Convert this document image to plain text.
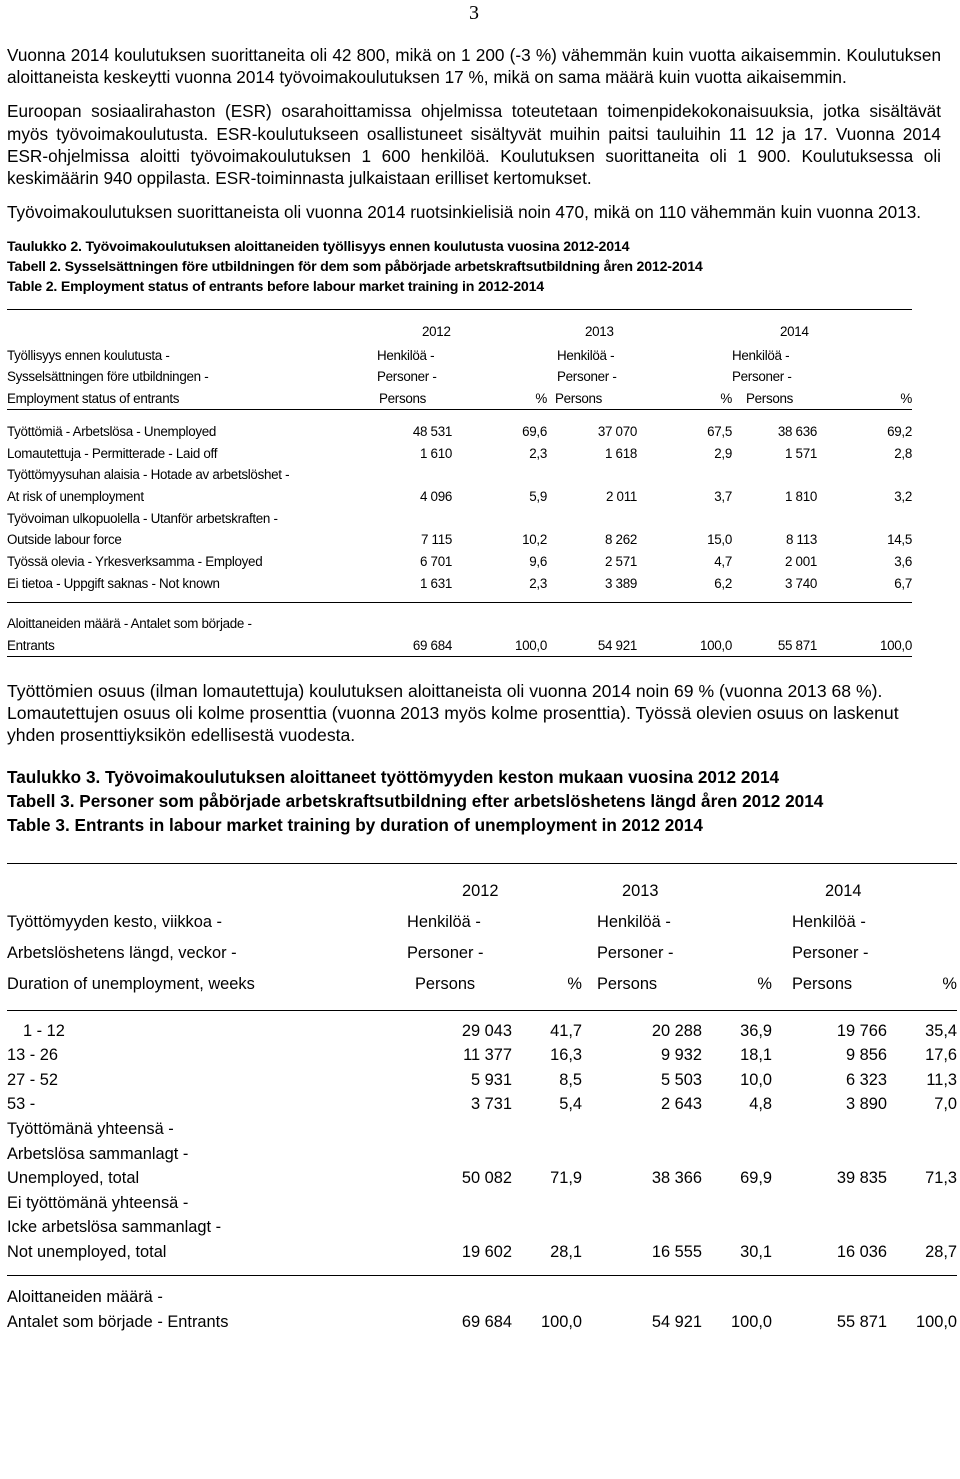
3

Vuonna 2014 koulutuksen suorittaneita oli 42 800, mikä on 1 200 (-3 %) vähemmän kuin vuotta aikaisemmin. Koulutuksen aloittaneista keskeytti vuonna 2014 työvoimakoulutuksen 17 %, mikä on sama määrä kuin vuotta aikaisemmin.

Euroopan sosiaalirahaston (ESR) osarahoittamissa ohjelmissa toteutetaan toimenpidekokonaisuuksia, jotka sisältävät myös työvoimakoulutusta. ESR-koulutukseen osallistuneet sisältyvät muihin paitsi tauluihin 11 12 ja 17. Vuonna 2014 ESR-ohjelmissa aloitti työvoimakoulutuksen 1 600 henkilöä. Koulutuksen suorittaneita oli 1 900. Koulutuksessa oli keskimäärin 940 oppilasta. ESR-toiminnasta julkaistaan erilliset kertomukset.

Työvoimakoulutuksen suorittaneista oli vuonna 2014 ruotsinkielisiä noin 470, mikä on 110 vähemmän kuin vuonna 2013.

Taulukko 2. Työvoimakoulutuksen aloittaneiden työllisyys ennen koulutusta vuosina 2012-2014

Tabell 2. Sysselsättningen före utbildningen för dem som påbörjade arbetskraftsutbildning åren 2012-2014

Table 2. Employment status of entrants before labour market training in 2012-2014

	2012		2013		2014	
Työllisyys ennen koulutusta -	Henkilöä -		Henkilöä -		Henkilöä -	
Sysselsättningen före utbildningen -	Personer -		Personer -		Personer -	
Employment status of entrants	Persons	%	Persons	%	Persons	%

Työttömiä - Arbetslösa - Unemployed	48 531	69,6	37 070	67,5	38 636	69,2
Lomautettuja - Permitterade - Laid off	1 610	2,3	1 618	2,9	1 571	2,8
Työttömyysuhan alaisia - Hotade av arbetslöshet -						
At risk of unemployment	4 096	5,9	2 011	3,7	1 810	3,2
Työvoiman ulkopuolella - Utanför arbetskraften -						
Outside labour force	7 115	10,2	8 262	15,0	8 113	14,5
Työssä olevia - Yrkesverksamma - Employed	6 701	9,6	2 571	4,7	2 001	3,6
Ei tietoa - Uppgift saknas - Not known	1 631	2,3	3 389	6,2	3 740	6,7

Aloittaneiden määrä - Antalet som började -						
Entrants	69 684	100,0	54 921	100,0	55 871	100,0

Työttömien osuus (ilman lomautettuja) koulutuksen aloittaneista oli vuonna 2014 noin 69 % (vuonna 2013 68 %). Lomautettujen osuus oli kolme prosenttia (vuonna 2013 myös kolme prosenttia). Työssä olevien osuus on laskenut yhden prosenttiyksikön edellisestä vuodesta.

Taulukko 3. Työvoimakoulutuksen aloittaneet työttömyyden keston mukaan vuosina 2012 2014

Tabell 3. Personer som påbörjade arbetskraftsutbildning efter arbetslöshetens längd åren 2012 2014

Table 3. Entrants in labour market training by duration of unemployment in 2012 2014

	2012		2013		2014	
Työttömyyden kesto, viikkoa -	Henkilöä -		Henkilöä -		Henkilöä -	
Arbetslöshetens längd, veckor -	Personer -		Personer -		Personer -	
Duration of unemployment, weeks	Persons	%	Persons	%	Persons	%

1 - 12	29 043	41,7	20 288	36,9	19 766	35,4
13 - 26	11 377	16,3	9 932	18,1	9 856	17,6
27 - 52	5 931	8,5	5 503	10,0	6 323	11,3
53 -	3 731	5,4	2 643	4,8	3 890	7,0
Työttömänä yhteensä -						
Arbetslösa sammanlagt -						
Unemployed, total	50 082	71,9	38 366	69,9	39 835	71,3
Ei työttömänä yhteensä -						
Icke arbetslösa sammanlagt -						
Not unemployed, total	19 602	28,1	16 555	30,1	16 036	28,7

Aloittaneiden määrä -						
Antalet som började - Entrants	69 684	100,0	54 921	100,0	55 871	100,0
